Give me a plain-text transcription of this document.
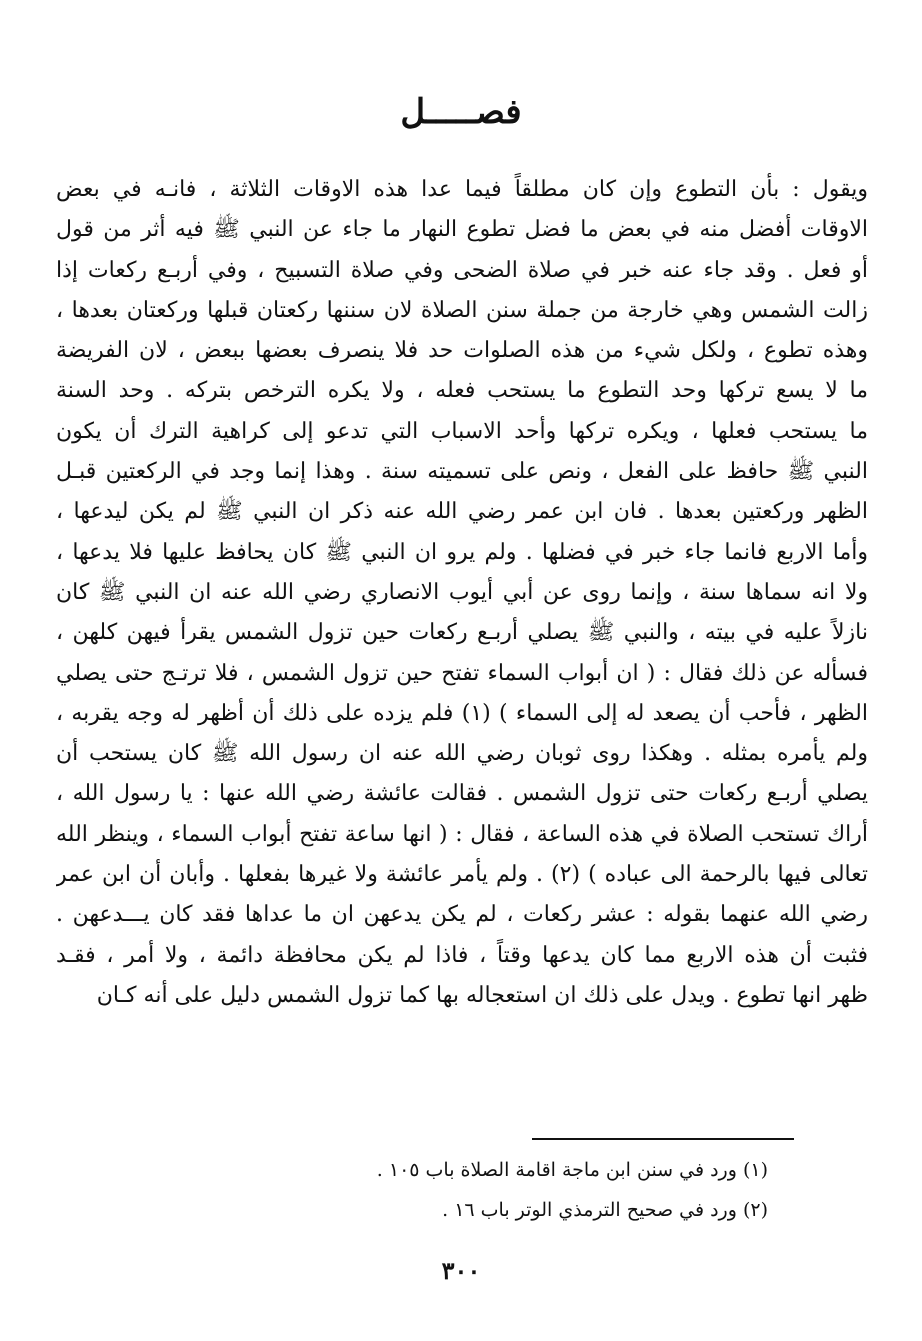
فصـــــل
ويقول : بأن التطوع وإن كان مطلقاً فيما عدا هذه الاوقات الثلاثة ، فانـه في بعض
الاوقات أفضل منه في بعض ما فضل تطوع النهار ما جاء عن النبي ﷺ فيه أثر من قول
أو فعل . وقد جاء عنه خبر في صلاة الضحى وفي صلاة التسبيح ، وفي أربـع ركعات إذا
زالت الشمس وهي خارجة من جملة سنن الصلاة لان سننها ركعتان قبلها وركعتان بعدها ،
وهذه تطوع ، ولكل شيء من هذه الصلوات حد فلا ينصرف بعضها ببعض ، لان الفريضة
ما لا يسع تركها وحد التطوع ما يستحب فعله ، ولا يكره الترخص بتركه . وحد السنة
ما يستحب فعلها ، ويكره تركها وأحد الاسباب التي تدعو إلى كراهية الترك أن يكون
النبي ﷺ حافظ على الفعل ، ونص على تسميته سنة . وهذا إنما وجد في الركعتين قبـل
الظهر وركعتين بعدها . فان ابن عمر رضي الله عنه ذكر ان النبي ﷺ لم يكن ليدعها ،
وأما الاربع فانما جاء خبر في فضلها . ولم يرو ان النبي ﷺ كان يحافظ عليها فلا يدعها ،
ولا انه سماها سنة ، وإنما روى عن أبي أيوب الانصاري رضي الله عنه ان النبي ﷺ كان
نازلاً عليه في بيته ، والنبي ﷺ يصلي أربـع ركعات حين تزول الشمس يقرأ فيهن كلهن ،
فسأله عن ذلك فقال : ( ان أبواب السماء تفتح حين تزول الشمس ، فلا ترتـج حتى يصلي
الظهر ، فأحب أن يصعد له إلى السماء ) (١) فلم يزده على ذلك أن أظهر له وجه يقربه ،
ولم يأمره بمثله . وهكذا روى ثوبان رضي الله عنه ان رسول الله ﷺ كان يستحب أن
يصلي أربـع ركعات حتى تزول الشمس . فقالت عائشة رضي الله عنها : يا رسول الله ،
أراك تستحب الصلاة في هذه الساعة ، فقال : ( انها ساعة تفتح أبواب السماء ، وينظر الله
تعالى فيها بالرحمة الى عباده ) (٢) . ولم يأمر عائشة ولا غيرها بفعلها . وأبان أن ابن عمر
رضي الله عنهما بقوله : عشر ركعات ، لم يكن يدعهن ان ما عداها فقد كان يـــدعهن .
فثبت أن هذه الاربع مما كان يدعها وقتاً ، فاذا لم يكن محافظة دائمة ، ولا أمر ، فقـد
ظهر انها تطوع . ويدل على ذلك ان استعجاله بها كما تزول الشمس دليل على أنه كـان
(١) ورد في سنن ابن ماجة اقامة الصلاة باب ١٠٥ .
(٢) ورد في صحيح الترمذي الوتر باب ١٦ .
٣٠٠
